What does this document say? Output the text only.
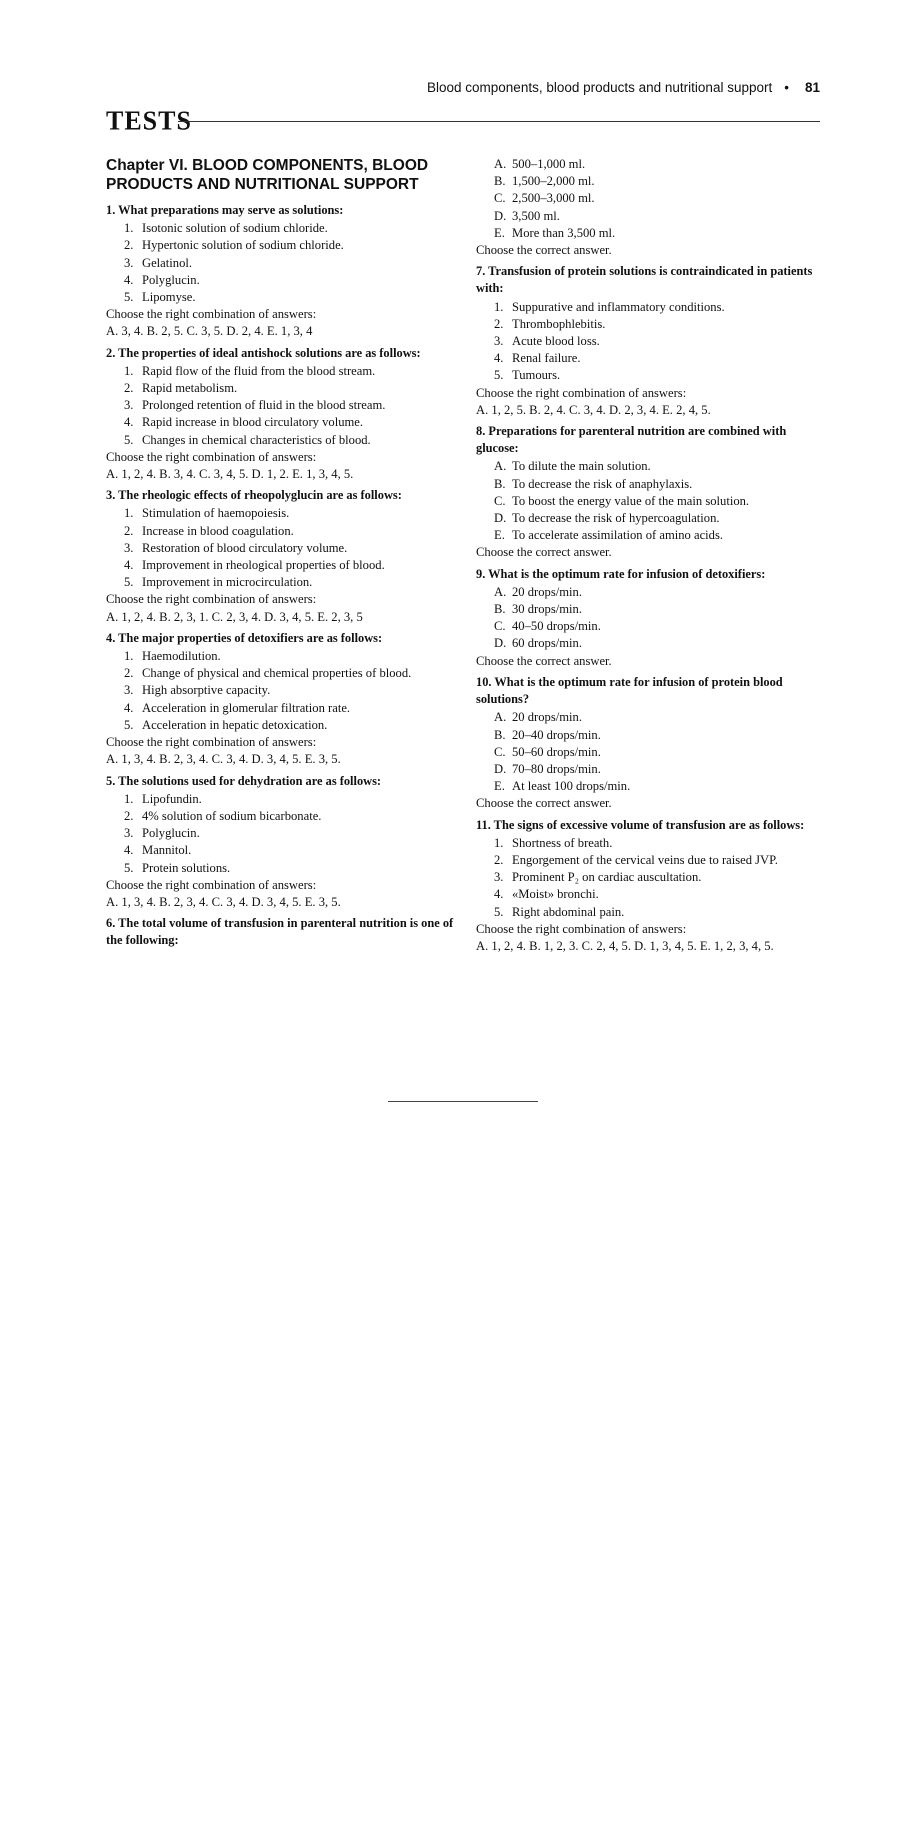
Blood components, blood products and nutritional support • 81
TESTS
Chapter VI. BLOOD COMPONENTS, BLOOD PRODUCTS AND NUTRITIONAL SUPPORT
1. What preparations may serve as solutions:
1. Isotonic solution of sodium chloride.
2. Hypertonic solution of sodium chloride.
3. Gelatinol.
4. Polyglucin.
5. Lipomyse.
Choose the right combination of answers:
A. 3, 4. B. 2, 5. C. 3, 5. D. 2, 4. E. 1, 3, 4
2. The properties of ideal antishock solutions are as follows:
1. Rapid flow of the fluid from the blood stream.
2. Rapid metabolism.
3. Prolonged retention of fluid in the blood stream.
4. Rapid increase in blood circulatory volume.
5. Changes in chemical characteristics of blood.
Choose the right combination of answers:
A. 1, 2, 4. B. 3, 4. C. 3, 4, 5. D. 1, 2. E. 1, 3, 4, 5.
3. The rheologic effects of rheopolyglucin are as follows:
1. Stimulation of haemopoiesis.
2. Increase in blood coagulation.
3. Restoration of blood circulatory volume.
4. Improvement in rheological properties of blood.
5. Improvement in microcirculation.
Choose the right combination of answers:
A. 1, 2, 4. B. 2, 3, 1. C. 2, 3, 4. D. 3, 4, 5. E. 2, 3, 5
4. The major properties of detoxifiers are as follows:
1. Haemodilution.
2. Change of physical and chemical properties of blood.
3. High absorptive capacity.
4. Acceleration in glomerular filtration rate.
5. Acceleration in hepatic detoxication.
Choose the right combination of answers:
A. 1, 3, 4. B. 2, 3, 4. C. 3, 4. D. 3, 4, 5. E. 3, 5.
5. The solutions used for dehydration are as follows:
1. Lipofundin.
2. 4% solution of sodium bicarbonate.
3. Polyglucin.
4. Mannitol.
5. Protein solutions.
Choose the right combination of answers:
A. 1, 3, 4. B. 2, 3, 4. C. 3, 4. D. 3, 4, 5. E. 3, 5.
6. The total volume of transfusion in parenteral nutrition is one of the following:
A. 500–1,000 ml.
B. 1,500–2,000 ml.
C. 2,500–3,000 ml.
D. 3,500 ml.
E. More than 3,500 ml.
Choose the correct answer.
7. Transfusion of protein solutions is contraindicated in patients with:
1. Suppurative and inflammatory conditions.
2. Thrombophlebitis.
3. Acute blood loss.
4. Renal failure.
5. Tumours.
Choose the right combination of answers:
A. 1, 2, 5. B. 2, 4. C. 3, 4. D. 2, 3, 4. E. 2, 4, 5.
8. Preparations for parenteral nutrition are combined with glucose:
A. To dilute the main solution.
B. To decrease the risk of anaphylaxis.
C. To boost the energy value of the main solution.
D. To decrease the risk of hypercoagulation.
E. To accelerate assimilation of amino acids.
Choose the correct answer.
9. What is the optimum rate for infusion of detoxifiers:
A. 20 drops/min.
B. 30 drops/min.
C. 40–50 drops/min.
D. 60 drops/min.
Choose the correct answer.
10. What is the optimum rate for infusion of protein blood solutions?
A. 20 drops/min.
B. 20–40 drops/min.
C. 50–60 drops/min.
D. 70–80 drops/min.
E. At least 100 drops/min.
Choose the correct answer.
11. The signs of excessive volume of transfusion are as follows:
1. Shortness of breath.
2. Engorgement of the cervical veins due to raised JVP.
3. Prominent P₂ on cardiac auscultation.
4. «Moist» bronchi.
5. Right abdominal pain.
Choose the right combination of answers:
A. 1, 2, 4. B. 1, 2, 3. C. 2, 4, 5. D. 1, 3, 4, 5. E. 1, 2, 3, 4, 5.
